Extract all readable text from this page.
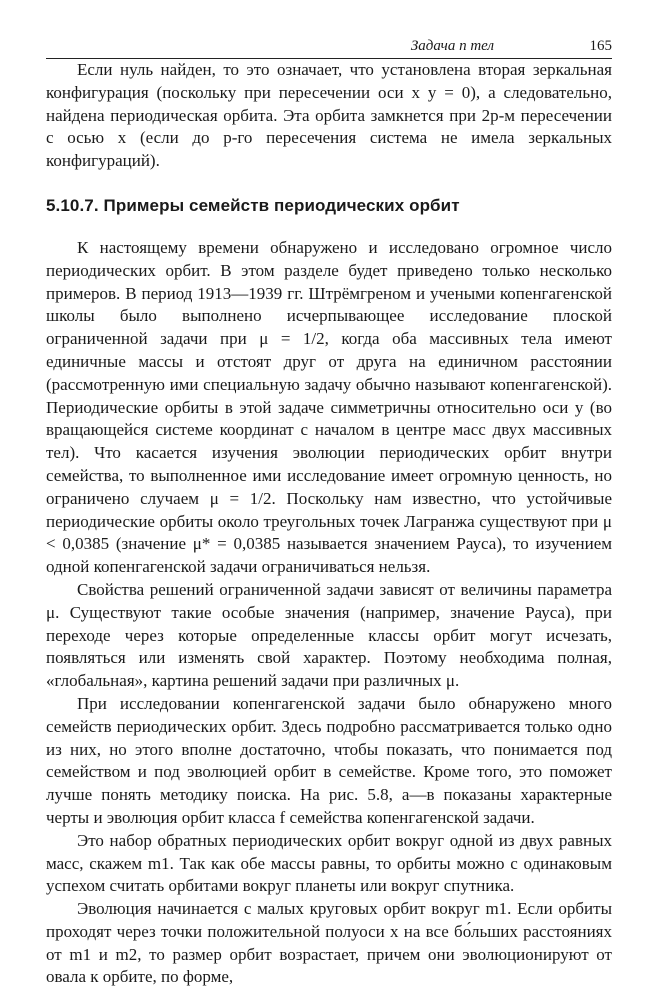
Задача n тел	165

Если нуль найден, то это означает, что установлена вторая зеркальная конфигурация (поскольку при пересечении оси x y = 0), а следовательно, найдена периодическая орбита. Эта орбита замкнется при 2p-м пересечении с осью x (если до p-го пересечения система не имела зеркальных конфигураций).

5.10.7. Примеры семейств периодических орбит

К настоящему времени обнаружено и исследовано огромное число периодических орбит. В этом разделе будет приведено только несколько примеров. В период 1913—1939 гг. Штрёмгреном и учеными копенгагенской школы было выполнено исчерпывающее исследование плоской ограниченной задачи при μ = 1/2, когда оба массивных тела имеют единичные массы и отстоят друг от друга на единичном расстоянии (рассмотренную ими специальную задачу обычно называют копенгагенской). Периодические орбиты в этой задаче симметричны относительно оси y (во вращающейся системе координат с началом в центре масс двух массивных тел). Что касается изучения эволюции периодических орбит внутри семейства, то выполненное ими исследование имеет огромную ценность, но ограничено случаем μ = 1/2. Поскольку нам известно, что устойчивые периодические орбиты около треугольных точек Лагранжа существуют при μ < 0,0385 (значение μ* = 0,0385 называется значением Рауса), то изучением одной копенгагенской задачи ограничиваться нельзя.

Свойства решений ограниченной задачи зависят от величины параметра μ. Существуют такие особые значения (например, значение Рауса), при переходе через которые определенные классы орбит могут исчезать, появляться или изменять свой характер. Поэтому необходима полная, «глобальная», картина решений задачи при различных μ.

При исследовании копенгагенской задачи было обнаружено много семейств периодических орбит. Здесь подробно рассматривается только одно из них, но этого вполне достаточно, чтобы показать, что понимается под семейством и под эволюцией орбит в семействе. Кроме того, это поможет лучше понять методику поиска. На рис. 5.8, а—в показаны характерные черты и эволюция орбит класса f семейства копенгагенской задачи.

Это набор обратных периодических орбит вокруг одной из двух равных масс, скажем m1. Так как обе массы равны, то орбиты можно с одинаковым успехом считать орбитами вокруг планеты или вокруг спутника.

Эволюция начинается с малых круговых орбит вокруг m1. Если орбиты проходят через точки положительной полуоси x на все бо́льших расстояниях от m1 и m2, то размер орбит возрастает, причем они эволюционируют от овала к орбите, по форме,
